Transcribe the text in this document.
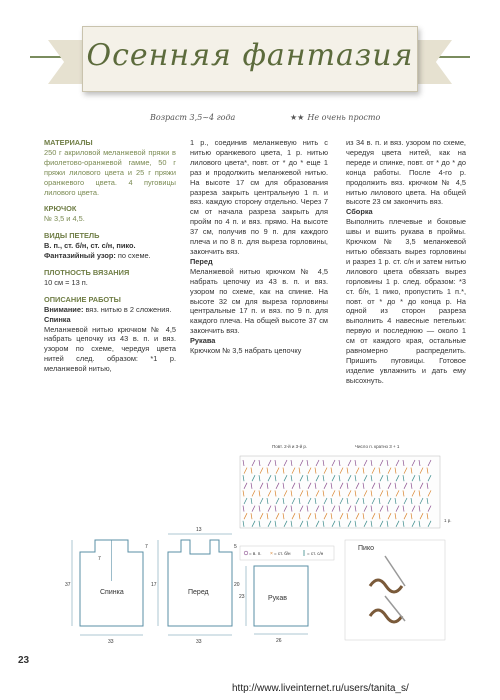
Осенняя фантазия
Возраст 3,5~4 года	★★ Не очень просто
МАТЕРИАЛЫ

250 г акриловой меланжевой пряжи в фиолетово-оранжевой гамме, 50 г пряжи лилового цвета и 25 г пряжи оранжевого цвета. 4 пуговицы лилового цвета.

КРЮЧОК

№ 3,5 и 4,5.

ВИДЫ ПЕТЕЛЬ

В. п., ст. б/н, ст. с/н, пико.

Фантазийный узор: по схеме.

ПЛОТНОСТЬ ВЯЗАНИЯ

10 см = 13 п.

ОПИСАНИЕ РАБОТЫ

Внимание: вяз. нитью в 2 сложения.

Спинка

Меланжевой нитью крючком № 4,5 набрать цепочку из 43 в. п. и вяз. узором по схеме, чередуя цвета нитей след. образом: *1 р. меланжевой нитью,

1 р., соединив меланжевую нить с нитью оранжевого цвета, 1 р. нитью лилового цвета*, повт. от * до * еще 1 раз и продолжить меланжевой нитью. На высоте 17 см для образования разреза закрыть центральную 1 п. и вяз. каждую сторону отдельно. Через 7 см от начала разреза закрыть для пройм по 4 п. и вяз. прямо. На высоте 37 см, получив по 9 п. для каждого плеча и по 8 п. для выреза горловины, закончить вяз.

Перед

Меланжевой нитью крючком № 4,5 набрать цепочку из 43 в. п. и вяз. узором по схеме, как на спинке. На высоте 32 см для выреза горловины центральные 17 п. и вяз. по 9 п. для каждого плеча. На общей высоте 37 см закончить вяз.

Рукава

Крючком № 3,5 набрать цепочку

из 34 в. п. и вяз. узором по схеме, чередуя цвета нитей, как на переде и спинке, повт. от * до * до конца работы. После 4-го р. продолжить вяз. крючком № 4,5 нитью лилового цвета. На общей высоте 23 см закончить вяз.

Сборка

Выполнить плечевые и боковые швы и вшить рукава в проймы. Крючком № 3,5 меланжевой нитью обвязать вырез горловины и разрез 1 р. ст. с/н и затем нитью лилового цвета обвязать вырез горловины 1 р. след. образом: *3 ст. б/н, 1 пико, пропустить 1 п.*, повт. от * до * до конца р. На одной из сторон разреза выполнить 4 навесные петельки: первую и последнюю — около 1 см от каждого края, остальные равномерно распределить. Пришить пуговицы. Готовое изделие увлажнить и дать ему высохнуть.

Повт. 2-й и 3-й р.	Число п. кратно 3 + 1
1 р.
Спинка	Перед
Рукав
33	33	26
13
37	17
23
7	5
7
20
= в. п. × = ст. б/н	= ст. с/н
Пико
23
http://www.liveinternet.ru/users/tanita_s/
